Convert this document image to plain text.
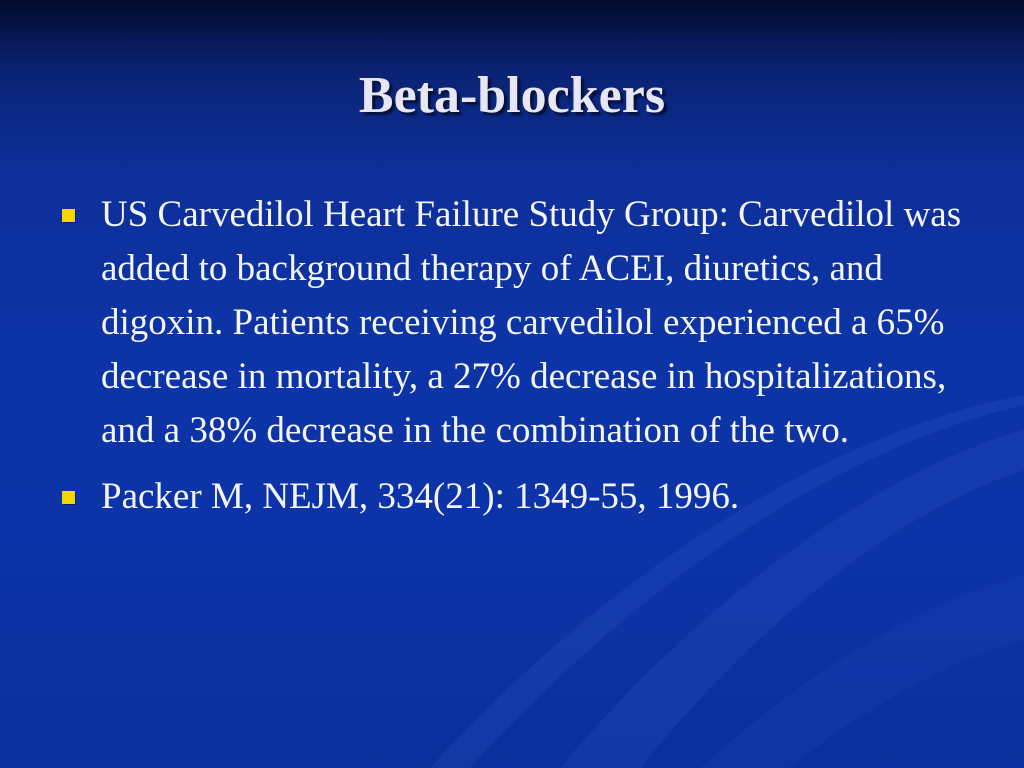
Beta-blockers
US Carvedilol Heart Failure Study Group: Carvedilol was added to background therapy of ACEI, diuretics, and digoxin. Patients receiving carvedilol experienced a 65% decrease in mortality, a 27% decrease in hospitalizations, and a 38% decrease in the combination of the two.
Packer M, NEJM, 334(21): 1349-55, 1996.
